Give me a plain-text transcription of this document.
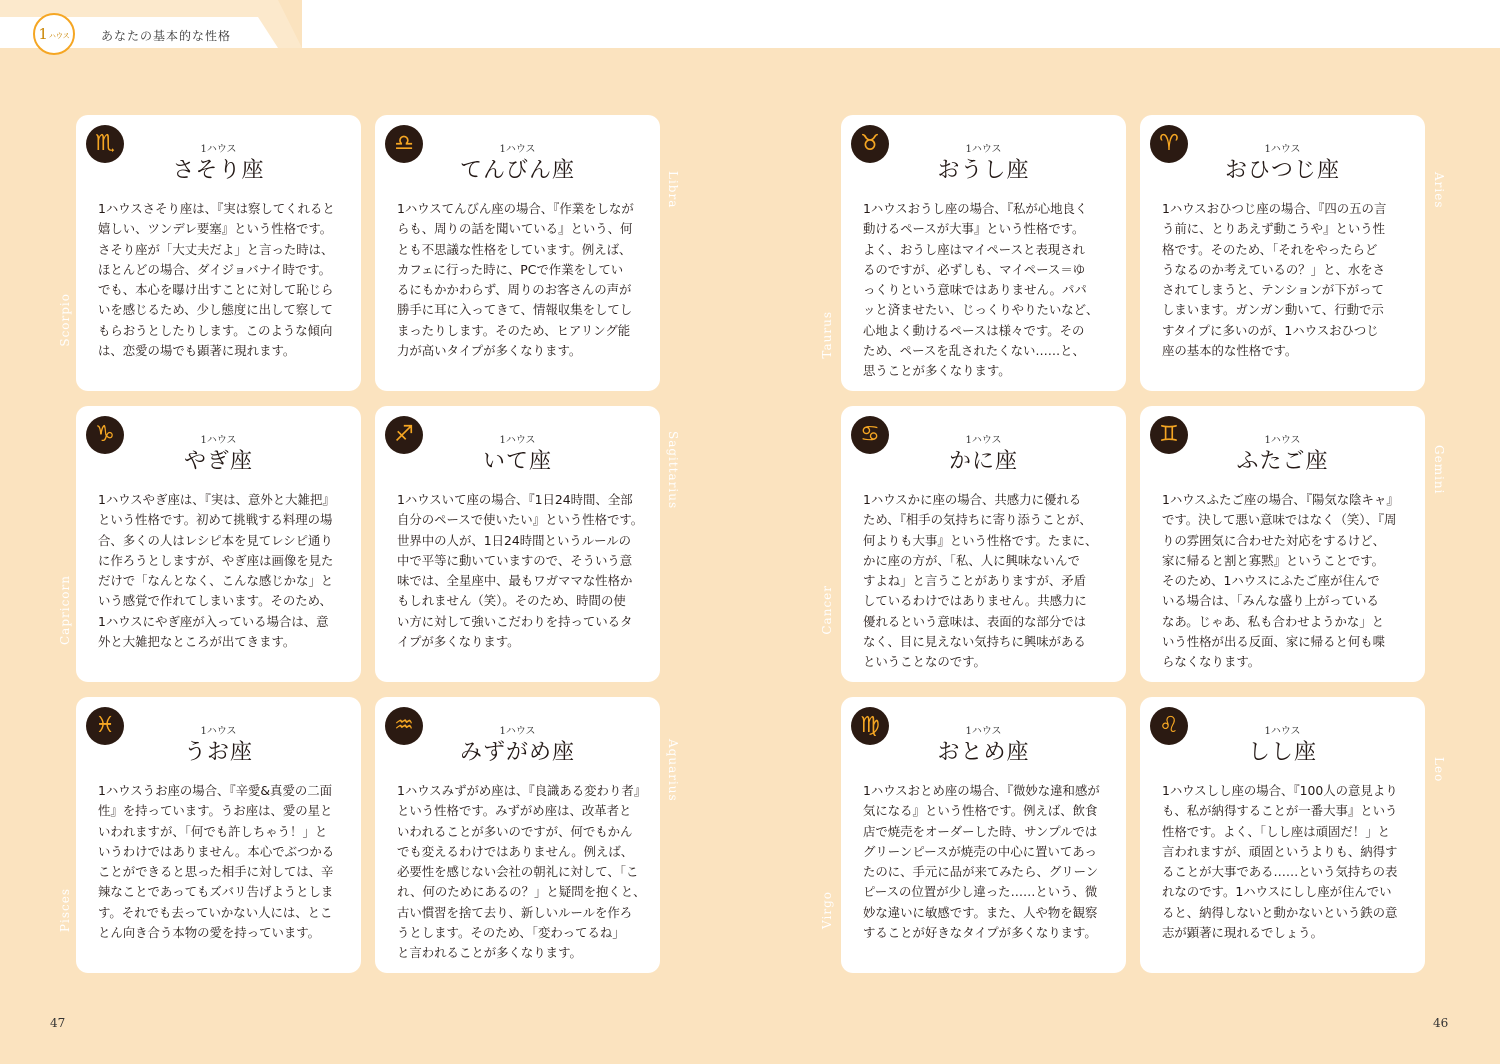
1 ハウス	あなたの基本的な性格
Scorpio
Capricorn
Pisces
Libra
Sagittarius
Aquarius
Taurus
Cancer
Virgo
Aries
Gemini
Leo
♏	1ハウス
さそり座
1ハウスさそり座は、『実は察してくれると
嬉しい、ツンデレ要塞』という性格です。
さそり座が「大丈夫だよ」と言った時は、
ほとんどの場合、ダイジョバナイ時です。
でも、本心を曝け出すことに対して恥じら
いを感じるため、少し態度に出して察して
もらおうとしたりします。このような傾向
は、恋愛の場でも顕著に現れます。
♎	1ハウス
てんびん座
1ハウスてんびん座の場合、『作業をしなが
らも、周りの話を聞いている』という、何
とも不思議な性格をしています。例えば、
カフェに行った時に、PCで作業をしてい
るにもかかわらず、周りのお客さんの声が
勝手に耳に入ってきて、情報収集をしてし
まったりします。そのため、ヒアリング能
力が高いタイプが多くなります。
♉	1ハウス
おうし座
1ハウスおうし座の場合、『私が心地良く
動けるペースが大事』という性格です。
よく、おうし座はマイペースと表現され
るのですが、必ずしも、マイペース＝ゆ
っくりという意味ではありません。パパ
ッと済ませたい、じっくりやりたいなど、
心地よく動けるペースは様々です。その
ため、ペースを乱されたくない……と、
思うことが多くなります。
♈	1ハウス
おひつじ座
1ハウスおひつじ座の場合、『四の五の言
う前に、とりあえず動こうや』という性
格です。そのため、「それをやったらど
うなるのか考えているの？」と、水をさ
されてしまうと、テンションが下がって
しまいます。ガンガン動いて、行動で示
すタイプに多いのが、1ハウスおひつじ
座の基本的な性格です。
♑	1ハウス
やぎ座
1ハウスやぎ座は、『実は、意外と大雑把』
という性格です。初めて挑戦する料理の場
合、多くの人はレシピ本を見てレシピ通り
に作ろうとしますが、やぎ座は画像を見た
だけで「なんとなく、こんな感じかな」と
いう感覚で作れてしまいます。そのため、
1ハウスにやぎ座が入っている場合は、意
外と大雑把なところが出てきます。
♐	1ハウス
いて座
1ハウスいて座の場合、『1日24時間、全部
自分のペースで使いたい』という性格です。
世界中の人が、1日24時間というルールの
中で平等に動いていますので、そういう意
味では、全星座中、最もワガママな性格か
もしれません（笑）。そのため、時間の使
い方に対して強いこだわりを持っているタ
イプが多くなります。
♋	1ハウス
かに座
1ハウスかに座の場合、共感力に優れる
ため、『相手の気持ちに寄り添うことが、
何よりも大事』という性格です。たまに、
かに座の方が、「私、人に興味ないんで
すよね」と言うことがありますが、矛盾
しているわけではありません。共感力に
優れるという意味は、表面的な部分では
なく、目に見えない気持ちに興味がある
ということなのです。
♊	1ハウス
ふたご座
1ハウスふたご座の場合、『陽気な陰キャ』
です。決して悪い意味ではなく（笑）、『周
りの雰囲気に合わせた対応をするけど、
家に帰ると割と寡黙』ということです。
そのため、1ハウスにふたご座が住んで
いる場合は、「みんな盛り上がっている
なあ。じゃあ、私も合わせようかな」と
いう性格が出る反面、家に帰ると何も喋
らなくなります。
♓	1ハウス
うお座
1ハウスうお座の場合、『辛愛&真愛の二面
性』を持っています。うお座は、愛の星と
いわれますが、「何でも許しちゃう！」と
いうわけではありません。本心でぶつかる
ことができると思った相手に対しては、辛
辣なことであってもズバリ告げようとしま
す。それでも去っていかない人には、とこ
とん向き合う本物の愛を持っています。
♒	1ハウス
みずがめ座
1ハウスみずがめ座は、『良識ある変わり者』
という性格です。みずがめ座は、改革者と
いわれることが多いのですが、何でもかん
でも変えるわけではありません。例えば、
必要性を感じない会社の朝礼に対して、「こ
れ、何のためにあるの？」と疑問を抱くと、
古い慣習を捨て去り、新しいルールを作ろ
うとします。そのため、「変わってるね」
と言われることが多くなります。
♍	1ハウス
おとめ座
1ハウスおとめ座の場合、『微妙な違和感が
気になる』という性格です。例えば、飲食
店で焼売をオーダーした時、サンプルでは
グリーンピースが焼売の中心に置いてあっ
たのに、手元に品が来てみたら、グリーン
ピースの位置が少し違った……という、微
妙な違いに敏感です。また、人や物を観察
することが好きなタイプが多くなります。
♌	1ハウス
しし座
1ハウスしし座の場合、『100人の意見より
も、私が納得することが一番大事』という
性格です。よく、「しし座は頑固だ！」と
言われますが、頑固というよりも、納得す
ることが大事である……という気持ちの表
れなのです。1ハウスにしし座が住んでい
ると、納得しないと動かないという鉄の意
志が顕著に現れるでしょう。
47	46
